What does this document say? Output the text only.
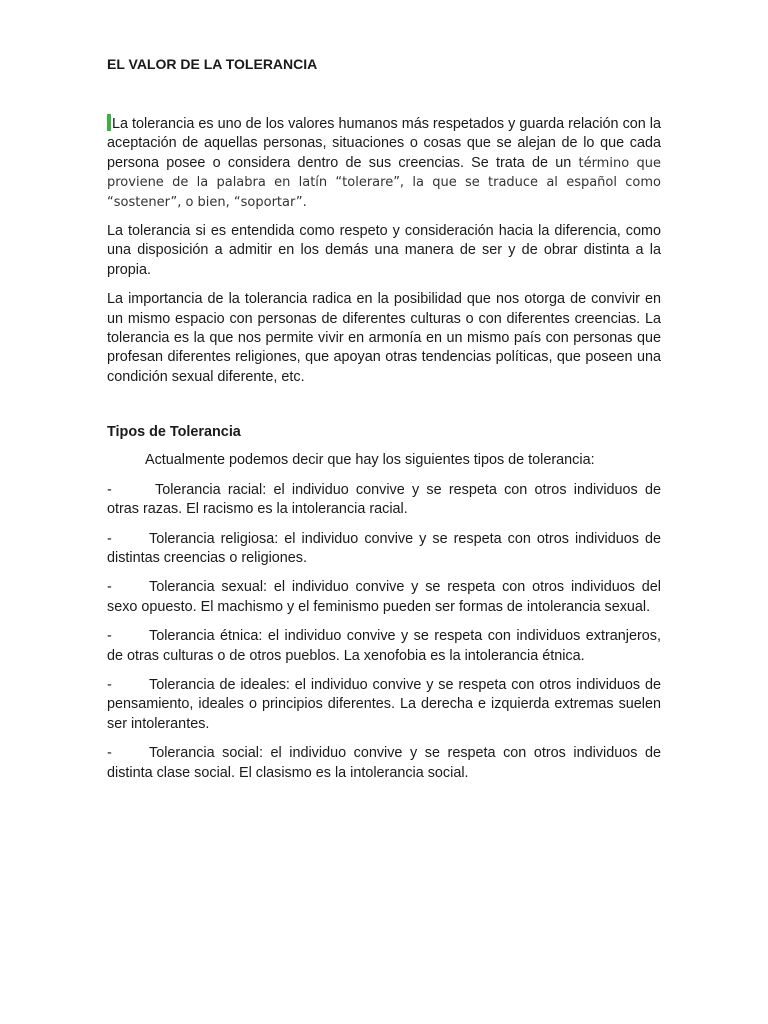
EL VALOR DE LA TOLERANCIA

La tolerancia es uno de los valores humanos más respetados y guarda relación con la aceptación de aquellas personas, situaciones o cosas que se alejan de lo que cada persona posee o considera dentro de sus creencias. Se trata de un término que proviene de la palabra en latín “tolerare”, la que se traduce al español como “sostener”, o bien, “soportar”.

La tolerancia si es entendida como respeto y consideración hacia la diferencia, como una disposición a admitir en los demás una manera de ser y de obrar distinta a la propia.

La importancia de la tolerancia radica en la posibilidad que nos otorga de convivir en un mismo espacio con personas de diferentes culturas o con diferentes creencias. La tolerancia es la que nos permite vivir en armonía en un mismo país con personas que profesan diferentes religiones, que apoyan otras tendencias políticas, que poseen una condición sexual diferente, etc.

Tipos de Tolerancia

Actualmente podemos decir que hay los siguientes tipos de tolerancia:

-	Tolerancia racial: el individuo convive y se respeta con otros individuos de otras razas. El racismo es la intolerancia racial.

-	Tolerancia religiosa: el individuo convive y se respeta con otros individuos de distintas creencias o religiones.

-	Tolerancia sexual: el individuo convive y se respeta con otros individuos del sexo opuesto. El machismo y el feminismo pueden ser formas de intolerancia sexual.

-	Tolerancia étnica: el individuo convive y se respeta con individuos extranjeros, de otras culturas o de otros pueblos. La xenofobia es la intolerancia étnica.

-	Tolerancia de ideales: el individuo convive y se respeta con otros individuos de pensamiento, ideales o principios diferentes. La derecha e izquierda extremas suelen ser intolerantes.

-	Tolerancia social: el individuo convive y se respeta con otros individuos de distinta clase social. El clasismo es la intolerancia social.
